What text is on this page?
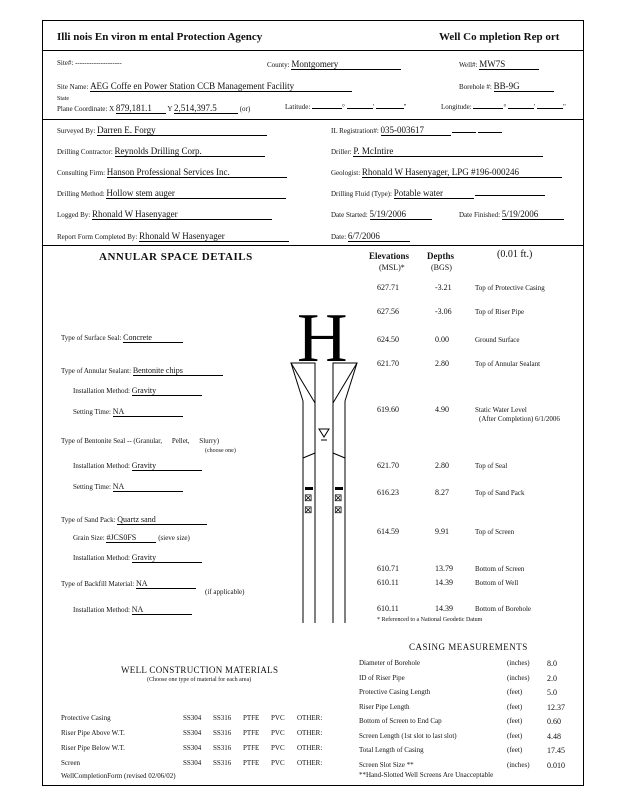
Illi nois En viron m ental Protection Agency	Well Co mpletion Rep ort
Site#: --------------------	County: Montgomery	Well#: MW7S
Site Name: AEG Coffe en Power Station CCB Management Facility	Borehole #: BB-9G
State
Plane Coordinate: X 879,181.1 Y 2,514,397.5	(or)	Latitude:	°	'	"	Longitude:	°	'	"
Surveyed By: Darren E. Forgy	IL Registration#: 035-003617
Drilling Contractor: Reynolds Drilling Corp.	Driller: P. McIntire
Consulting Firm: Hanson Professional Services Inc.	Geologist: Rhonald W Hasenyager, LPG #196-000246
Drilling Method: Hollow stem auger	Drilling Fluid (Type): Potable water
Logged By: Rhonald W Hasenyager	Date Started: 5/19/2006	Date Finished: 5/19/2006
Report Form Completed By: Rhonald W Hasenyager	Date: 6/7/2006
ANNULAR SPACE DETAILS	Elevations
(MSL)*
Depths
(BGS)
(0.01 ft.)
H
⊠ ⊠
⊠ ⊠
627.71	-3.21	Top of Protective Casing
627.56	-3.06	Top of Riser Pipe
624.50	0.00	Ground Surface
621.70	2.80	Top of Annular Sealant
619.60	4.90	Static Water Level
(After Completion) 6/1/2006
621.70	2.80	Top of Seal
616.23	8.27	Top of Sand Pack
614.59	9.91	Top of Screen
610.71	13.79	Bottom of Screen
610.11	14.39	Bottom of Well
610.11	14.39	Bottom of Borehole
Type of Surface Seal: Concrete
Type of Annular Sealant: Bentonite chips
Installation Method: Gravity
Setting Time: NA
Type of Bentonite Seal -- (Granular, Pellet, Slurry)
(choose one)
Installation Method: Gravity
Setting Time: NA
Type of Sand Pack: Quartz sand
Grain Size: #JCS0FS	(sieve size)
Installation Method: Gravity
Type of Backfill Material: NA
(if applicable)
Installation Method: NA
* Referenced to a National Geodetic Datum
CASING MEASUREMENTS
Diameter of Borehole	(inches) 8.0
ID of Riser Pipe	(inches) 2.0
Protective Casing Length	(feet)	5.0
Riser Pipe Length	(feet)	12.37
Bottom of Screen to End Cap	(feet)	0.60
Screen Length (1st slot to last slot)	(feet)	4.48
Total Length of Casing	(feet)	17.45
Screen Slot Size **	(inches) 0.010
**Hand-Slotted Well Screens Are Unacceptable
WELL CONSTRUCTION MATERIALS
(Choose one type of material for each area)
Protective Casing	SS304 SS316 PTFE PVC OTHER:
Riser Pipe Above W.T.	SS304 SS316 PTFE PVC OTHER:
Riser Pipe Below W.T.	SS304 SS316 PTFE PVC OTHER:
Screen	SS304 SS316 PTFE PVC OTHER:
WellCompletionForm (revised 02/06/02)
